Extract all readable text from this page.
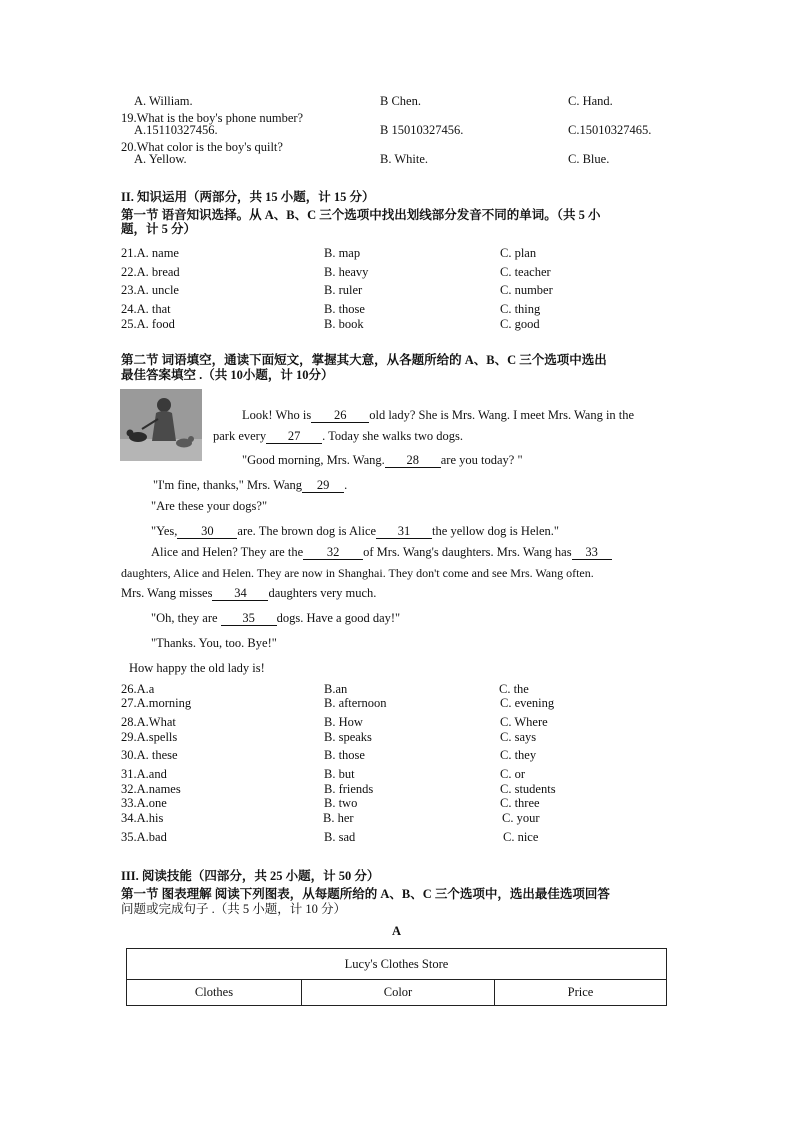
A. William.	B Chen.	C. Hand.
19.What is the boy's phone number?
A.15110327456.	B 15010327456.	C.15010327465.
20.What color is the boy's quilt?
A. Yellow.	B. White.	C. Blue.
II. 知识运用（两部分，共 15 小题，计 15 分）
第一节 语音知识选择。从 A、B、C 三个选项中找出划线部分发音不同的单词。（共 5 小
题，计 5 分）
21.A. name	B. map	C. plan
22.A. bread	B. heavy	C. teacher
23.A. uncle	B. ruler	C. number
24.A. that	B. those	C. thing
25.A. food	B. book	C. good
第二节 词语填空，通读下面短文，掌握其大意，从各题所给的 A、B、C 三个选项中选出
最佳答案填空 .（共 10小题，计 10分）
Look! Who is 26 old lady? She is Mrs. Wang. I meet Mrs. Wang in the
park every 27 . Today she walks two dogs.
"Good morning, Mrs. Wang. 28 are you today? "
"I'm fine, thanks," Mrs. Wang 29 .
"Are these your dogs?"
"Yes, 30 are. The brown dog is Alice 31 the yellow dog is Helen."
Alice and Helen? They are the 32 of Mrs. Wang's daughters. Mrs. Wang has 33
daughters, Alice and Helen. They are now in Shanghai. They don't come and see Mrs. Wang often.
Mrs. Wang misses 34 daughters very much.
"Oh, they are 35 dogs. Have a good day!"
"Thanks. You, too. Bye!"
How happy the old lady is!
26.A.a	B.an	C. the
27.A.morning	B. afternoon	C. evening
28.A.What	B. How	C. Where
29.A.spells	B. speaks	C. says
30.A. these	B. those	C. they
31.A.and	B. but	C. or
32.A.names	B. friends	C. students
33.A.one	B. two	C. three
34.A.his	B. her	C. your
35.A.bad	B. sad	C. nice
III. 阅读技能（四部分，共 25 小题，计 50 分）
第一节 图表理解 阅读下列图表，从每题所给的 A、B、C 三个选项中，选出最佳选项回答
问题或完成句子 .（共 5 小题，计 10 分）
A
Lucy's Clothes Store
Clothes	Color	Price
